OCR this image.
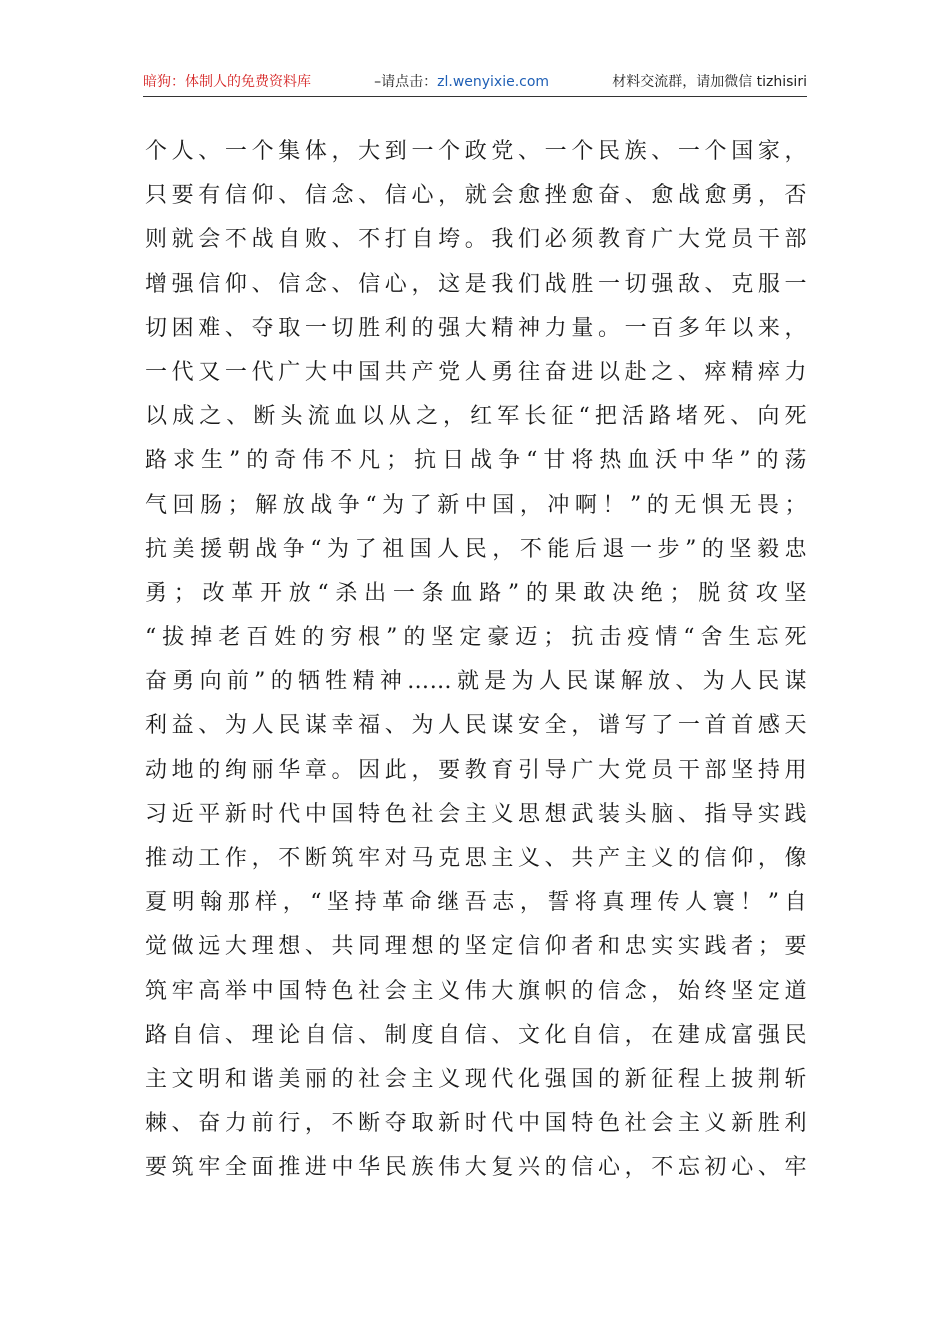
暗狗：体制人的免费资料库	–请点击：zl.wenyixie.com	材料交流群，请加微信 tizhisiri
个人、一个集体，大到一个政党、一个民族、一个国家，
只要有信仰、信念、信心，就会愈挫愈奋、愈战愈勇，否
则就会不战自败、不打自垮。我们必须教育广大党员干部
增强信仰、信念、信心，这是我们战胜一切强敌、克服一
切困难、夺取一切胜利的强大精神力量。一百多年以来，
一代又一代广大中国共产党人勇往奋进以赴之、瘁精瘁力
以成之、断头流血以从之，红军长征“把活路堵死、向死
路求生”的奇伟不凡；抗日战争“甘将热血沃中华”的荡
气回肠；解放战争“为了新中国，冲啊！”的无惧无畏；
抗美援朝战争“为了祖国人民，不能后退一步”的坚毅忠
勇；改革开放“杀出一条血路”的果敢决绝；脱贫攻坚
“拔掉老百姓的穷根”的坚定豪迈；抗击疫情“舍生忘死
奋勇向前”的牺牲精神……就是为人民谋解放、为人民谋
利益、为人民谋幸福、为人民谋安全，谱写了一首首感天
动地的绚丽华章。因此，要教育引导广大党员干部坚持用
习近平新时代中国特色社会主义思想武装头脑、指导实践
推动工作，不断筑牢对马克思主义、共产主义的信仰，像
夏明翰那样，“坚持革命继吾志，誓将真理传人寰！”自
觉做远大理想、共同理想的坚定信仰者和忠实实践者；要
筑牢高举中国特色社会主义伟大旗帜的信念，始终坚定道
路自信、理论自信、制度自信、文化自信，在建成富强民
主文明和谐美丽的社会主义现代化强国的新征程上披荆斩
棘、奋力前行，不断夺取新时代中国特色社会主义新胜利
要筑牢全面推进中华民族伟大复兴的信心，不忘初心、牢
